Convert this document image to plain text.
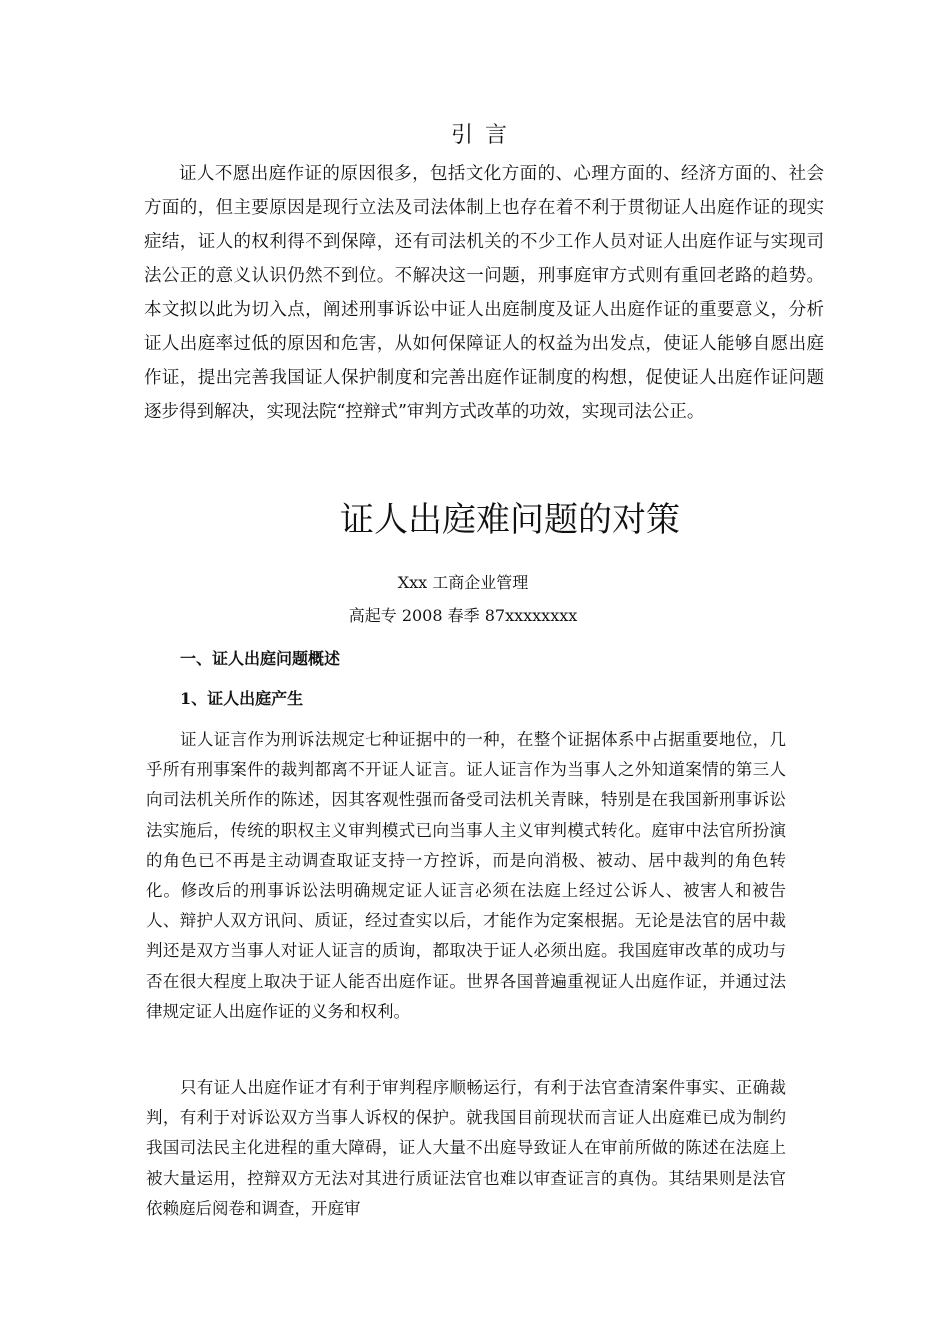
引言

证人不愿出庭作证的原因很多，包括文化方面的、心理方面的、经济方面的、社会方面的，但主要原因是现行立法及司法体制上也存在着不利于贯彻证人出庭作证的现实症结，证人的权利得不到保障，还有司法机关的不少工作人员对证人出庭作证与实现司法公正的意义认识仍然不到位。不解决这一问题，刑事庭审方式则有重回老路的趋势。本文拟以此为切入点，阐述刑事诉讼中证人出庭制度及证人出庭作证的重要意义，分析证人出庭率过低的原因和危害，从如何保障证人的权益为出发点，使证人能够自愿出庭作证，提出完善我国证人保护制度和完善出庭作证制度的构想，促使证人出庭作证问题逐步得到解决，实现法院“控辩式”审判方式改革的功效，实现司法公正。

证人出庭难问题的对策
Xxx 工商企业管理
高起专 2008 春季 87xxxxxxxx
一、证人出庭问题概述
1、证人出庭产生

证人证言作为刑诉法规定七种证据中的一种，在整个证据体系中占据重要地位，几乎所有刑事案件的裁判都离不开证人证言。证人证言作为当事人之外知道案情的第三人向司法机关所作的陈述，因其客观性强而备受司法机关青睐，特别是在我国新刑事诉讼法实施后，传统的职权主义审判模式已向当事人主义审判模式转化。庭审中法官所扮演的角色已不再是主动调查取证支持一方控诉，而是向消极、被动、居中裁判的角色转化。修改后的刑事诉讼法明确规定证人证言必须在法庭上经过公诉人、被害人和被告人、辩护人双方讯问、质证，经过查实以后，才能作为定案根据。无论是法官的居中裁判还是双方当事人对证人证言的质询，都取决于证人必须出庭。我国庭审改革的成功与否在很大程度上取决于证人能否出庭作证。世界各国普遍重视证人出庭作证，并通过法律规定证人出庭作证的义务和权利。

只有证人出庭作证才有利于审判程序顺畅运行，有利于法官查清案件事实、正确裁判，有利于对诉讼双方当事人诉权的保护。就我国目前现状而言证人出庭难已成为制约我国司法民主化进程的重大障碍，证人大量不出庭导致证人在审前所做的陈述在法庭上被大量运用，控辩双方无法对其进行质证法官也难以审查证言的真伪。其结果则是法官依赖庭后阅卷和调查，开庭审
